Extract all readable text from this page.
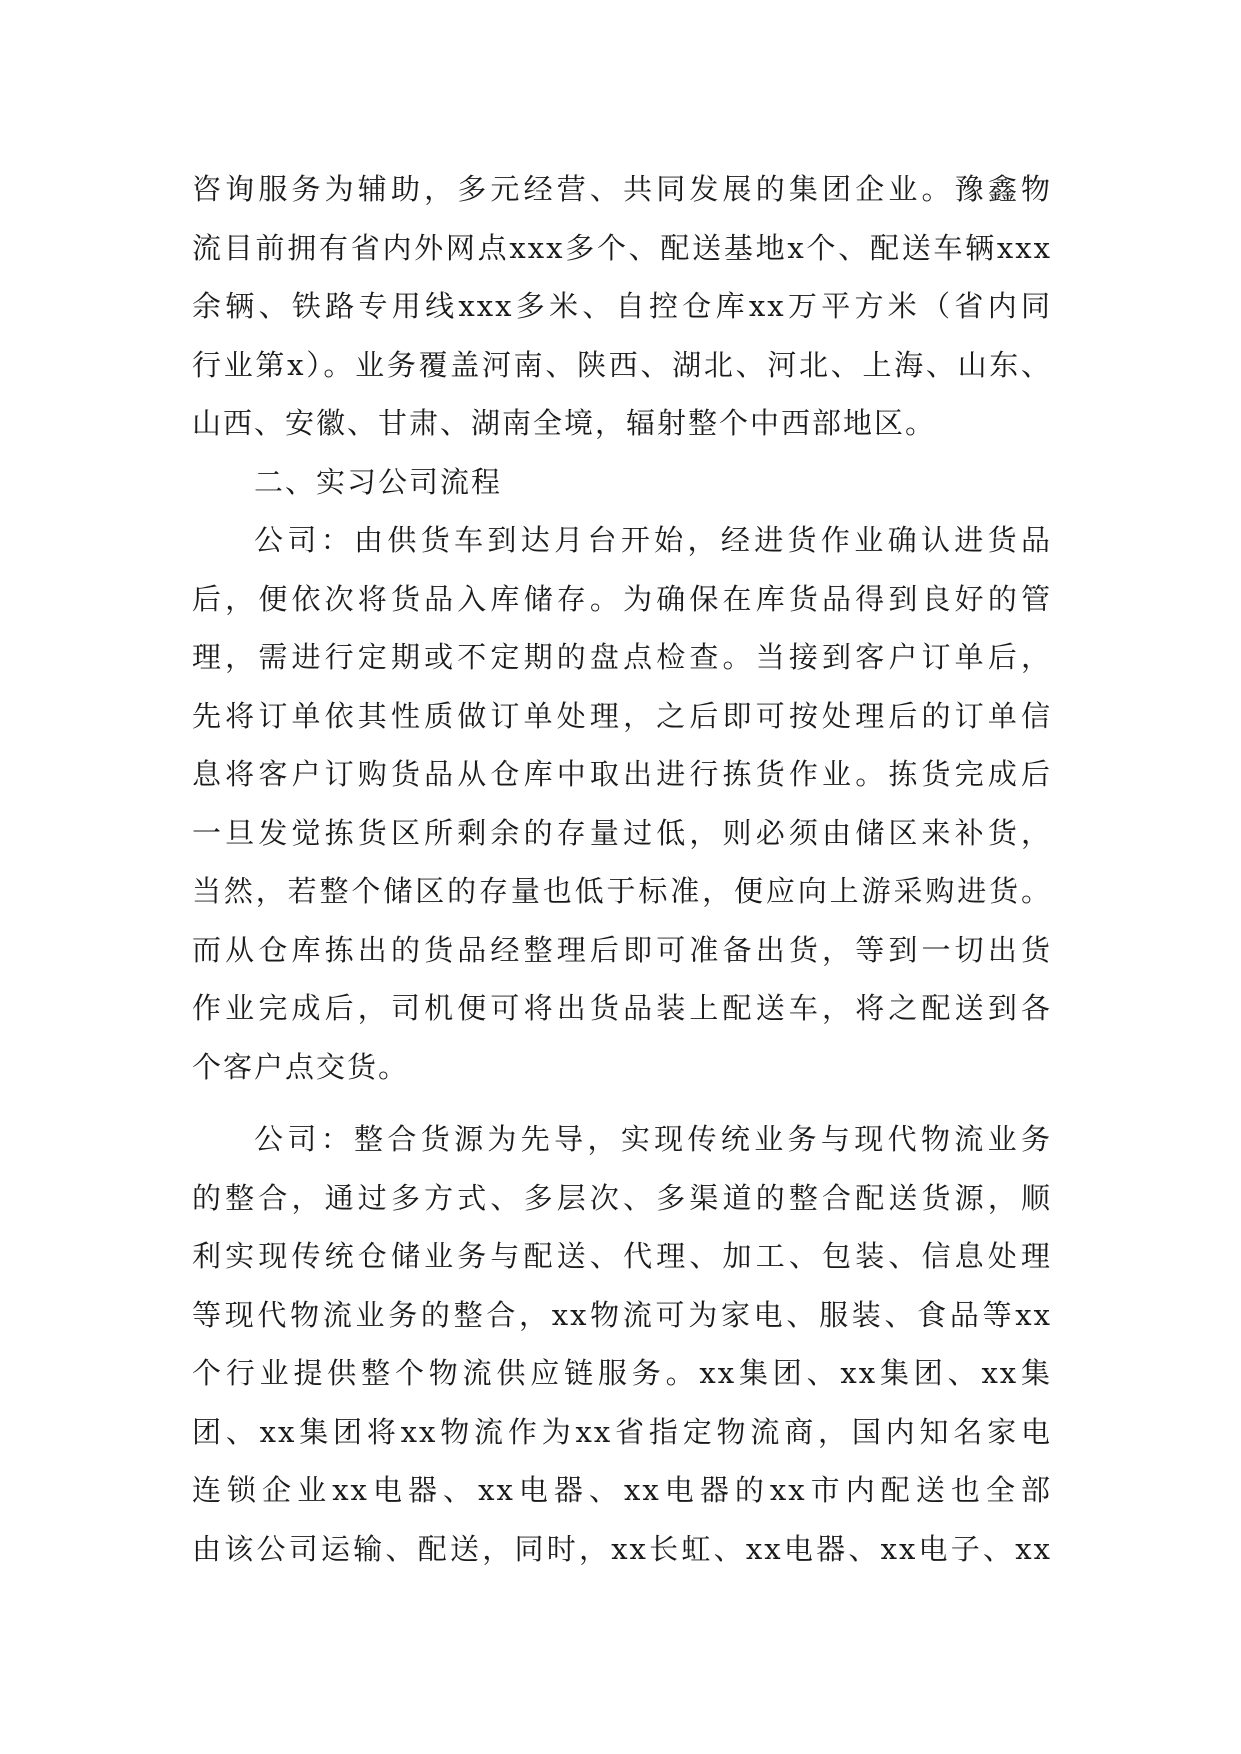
咨询服务为辅助，多元经营、共同发展的集团企业。豫鑫物
流目前拥有省内外网点xxx多个、配送基地x个、配送车辆xxx
余辆、铁路专用线xxx多米、自控仓库xx万平方米（省内同
行业第x）。业务覆盖河南、陕西、湖北、河北、上海、山东、
山西、安徽、甘肃、湖南全境，辐射整个中西部地区。
二、实习公司流程
公司：由供货车到达月台开始，经进货作业确认进货品
后，便依次将货品入库储存。为确保在库货品得到良好的管
理，需进行定期或不定期的盘点检查。当接到客户订单后，
先将订单依其性质做订单处理，之后即可按处理后的订单信
息将客户订购货品从仓库中取出进行拣货作业。拣货完成后
一旦发觉拣货区所剩余的存量过低，则必须由储区来补货，
当然，若整个储区的存量也低于标准，便应向上游采购进货。
而从仓库拣出的货品经整理后即可准备出货，等到一切出货
作业完成后，司机便可将出货品装上配送车，将之配送到各
个客户点交货。
公司：整合货源为先导，实现传统业务与现代物流业务
的整合，通过多方式、多层次、多渠道的整合配送货源，顺
利实现传统仓储业务与配送、代理、加工、包装、信息处理
等现代物流业务的整合，xx物流可为家电、服装、食品等xx
个行业提供整个物流供应链服务。xx集团、xx集团、xx集
团、xx集团将xx物流作为xx省指定物流商，国内知名家电
连锁企业xx电器、xx电器、xx电器的xx市内配送也全部
由该公司运输、配送，同时，xx长虹、xx电器、xx电子、xx
